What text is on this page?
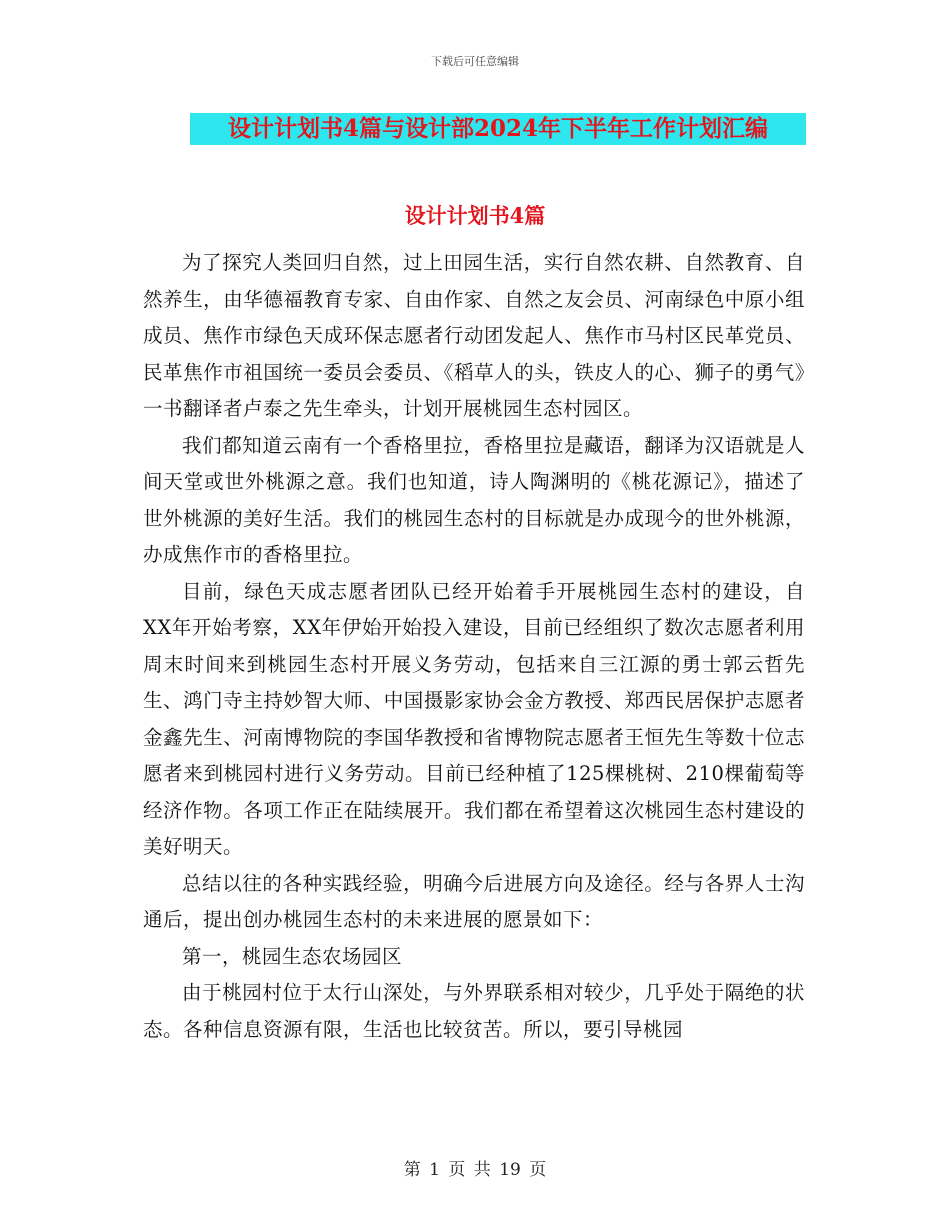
下载后可任意编辑
设计计划书4篇与设计部2024年下半年工作计划汇编
设计计划书4篇

为了探究人类回归自然，过上田园生活，实行自然农耕、自然教育、自然养生，由华德福教育专家、自由作家、自然之友会员、河南绿色中原小组成员、焦作市绿色天成环保志愿者行动团发起人、焦作市马村区民革党员、民革焦作市祖国统一委员会委员、《稻草人的头，铁皮人的心、狮子的勇气》一书翻译者卢泰之先生牵头，计划开展桃园生态村园区。

我们都知道云南有一个香格里拉，香格里拉是藏语，翻译为汉语就是人间天堂或世外桃源之意。我们也知道，诗人陶渊明的《桃花源记》，描述了世外桃源的美好生活。我们的桃园生态村的目标就是办成现今的世外桃源，办成焦作市的香格里拉。

目前，绿色天成志愿者团队已经开始着手开展桃园生态村的建设，自XX年开始考察，XX年伊始开始投入建设，目前已经组织了数次志愿者利用周末时间来到桃园生态村开展义务劳动，包括来自三江源的勇士郭云哲先生、鸿门寺主持妙智大师、中国摄影家协会金方教授、郑西民居保护志愿者金鑫先生、河南博物院的李国华教授和省博物院志愿者王恒先生等数十位志愿者来到桃园村进行义务劳动。目前已经种植了125棵桃树、210棵葡萄等经济作物。各项工作正在陆续展开。我们都在希望着这次桃园生态村建设的美好明天。

总结以往的各种实践经验，明确今后进展方向及途径。经与各界人士沟通后，提出创办桃园生态村的未来进展的愿景如下：

第一，桃园生态农场园区

由于桃园村位于太行山深处，与外界联系相对较少，几乎处于隔绝的状态。各种信息资源有限，生活也比较贫苦。所以，要引导桃园

第 1 页 共 19 页
